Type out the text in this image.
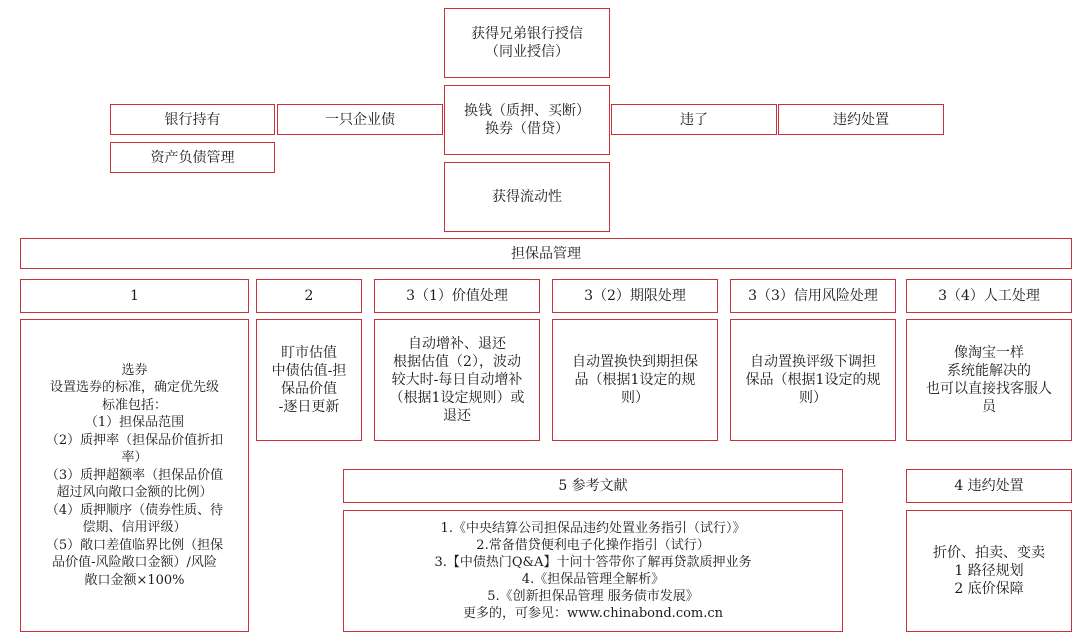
获得兄弟银行授信
（同业授信）
银行持有	一只企业债
换钱（质押、买断）
换券（借贷）
违了	违约处置
资产负债管理
获得流动性
担保品管理
1	2	3（1）价值处理	3（2）期限处理	3（3）信用风险处理	3（4）人工处理
选券
设置选券的标准，确定优先级
标准包括：
（1）担保品范围
（2）质押率（担保品价值折扣
率）
（3）质押超额率（担保品价值
超过风向敞口金额的比例）
（4）质押顺序（债券性质、待
偿期、信用评级）
（5）敞口差值临界比例（担保
品价值-风险敞口金额）/风险
敞口金额×100%
盯市估值
中债估值-担
保品价值
-逐日更新
自动增补、退还
根据估值（2），波动
较大时-每日自动增补
（根据1设定规则）或
退还
自动置换快到期担保
品（根据1设定的规
则）
自动置换评级下调担
保品（根据1设定的规
则）
像淘宝一样
系统能解决的
也可以直接找客服人
员
5 参考文献
1.《中央结算公司担保品违约处置业务指引（试行）》
2.常备借贷便利电子化操作指引（试行）
3.【中债热门Q&A】十问十答带你了解再贷款质押业务
4.《担保品管理全解析》
5.《创新担保品管理 服务债市发展》
更多的，可参见：www.chinabond.com.cn
4 违约处置
折价、拍卖、变卖
1 路径规划
2 底价保障
